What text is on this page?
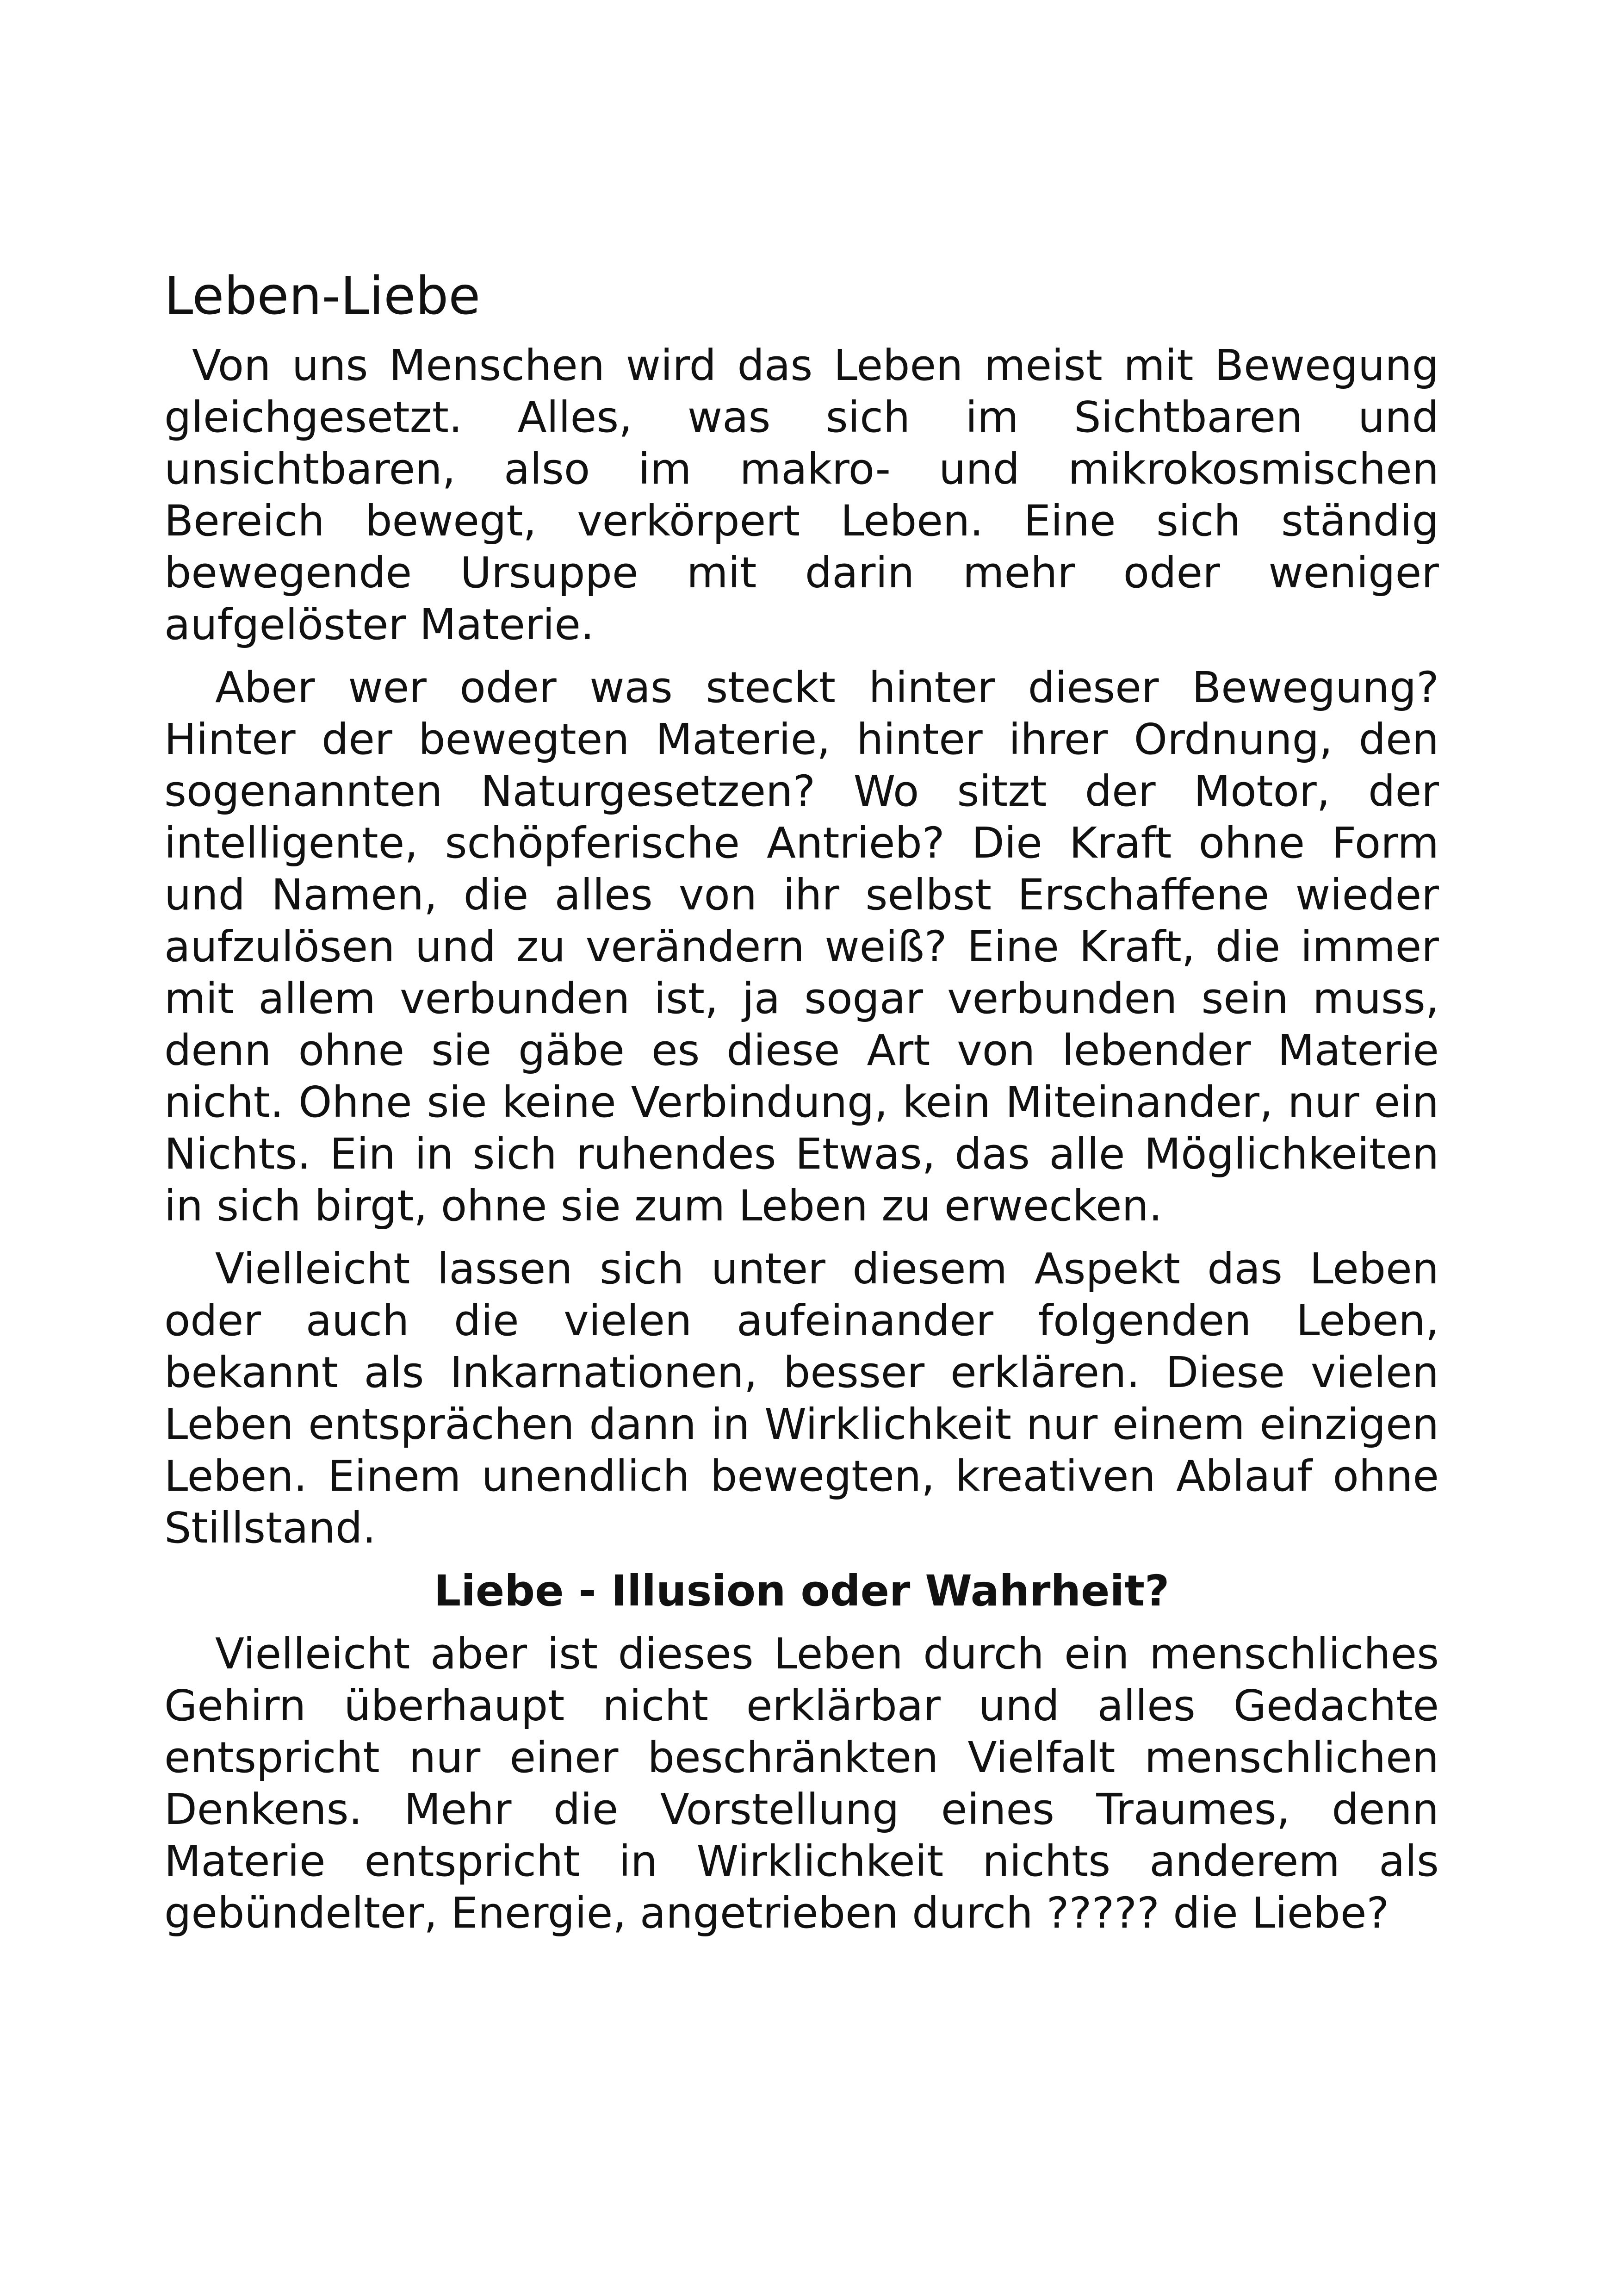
Leben-Liebe

Von uns Menschen wird das Leben meist mit Bewegung gleichgesetzt. Alles, was sich im Sichtbaren und unsichtbaren, also im makro- und mikrokosmischen Bereich bewegt, verkörpert Leben. Eine sich ständig bewegende Ursuppe mit darin mehr oder weniger aufgelöster Materie.

Aber wer oder was steckt hinter dieser Bewegung? Hinter der bewegten Materie, hinter ihrer Ordnung, den sogenannten Naturgesetzen? Wo sitzt der Motor, der intelligente, schöpferische Antrieb? Die Kraft ohne Form und Namen, die alles von ihr selbst Erschaffene wieder aufzulösen und zu verändern weiß? Eine Kraft, die immer mit allem verbunden ist, ja sogar verbunden sein muss, denn ohne sie gäbe es diese Art von lebender Materie nicht. Ohne sie keine Verbindung, kein Miteinander, nur ein Nichts. Ein in sich ruhendes Etwas, das alle Möglichkeiten in sich birgt, ohne sie zum Leben zu erwecken.

Vielleicht lassen sich unter diesem Aspekt das Leben oder auch die vielen aufeinander folgenden Leben, bekannt als Inkarnationen, besser erklären. Diese vielen Leben entsprächen dann in Wirklichkeit nur einem einzigen Leben. Einem unendlich bewegten, kreativen Ablauf ohne Stillstand.

Liebe - Illusion oder Wahrheit?

Vielleicht aber ist dieses Leben durch ein menschliches Gehirn überhaupt nicht erklärbar und alles Gedachte entspricht nur einer beschränkten Vielfalt menschlichen Denkens. Mehr die Vorstellung eines Traumes, denn Materie entspricht in Wirklichkeit nichts anderem als gebündelter, Energie, angetrieben durch ????? die Liebe?
